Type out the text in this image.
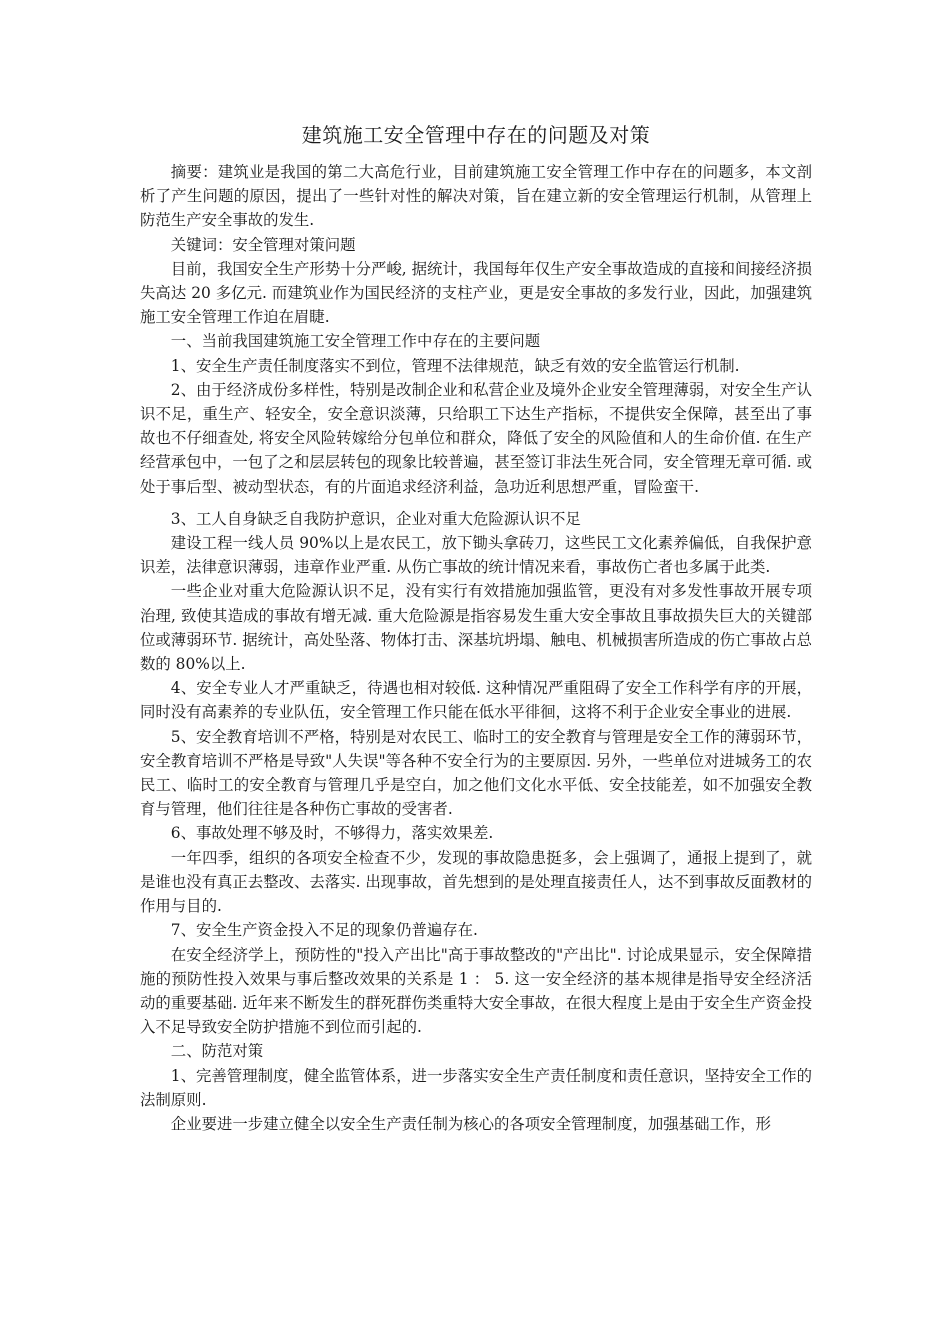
建筑施工安全管理中存在的问题及对策

摘要：建筑业是我国的第二大高危行业，目前建筑施工安全管理工作中存在的问题多，本文剖析了产生问题的原因，提出了一些针对性的解决对策，旨在建立新的安全管理运行机制，从管理上防范生产安全事故的发生.

关键词：安全管理对策问题

目前，我国安全生产形势十分严峻, 据统计，我国每年仅生产安全事故造成的直接和间接经济损失高达 20 多亿元. 而建筑业作为国民经济的支柱产业，更是安全事故的多发行业，因此，加强建筑施工安全管理工作迫在眉睫.

一、当前我国建筑施工安全管理工作中存在的主要问题

1、安全生产责任制度落实不到位，管理不法律规范，缺乏有效的安全监管运行机制.

2、由于经济成份多样性，特别是改制企业和私营企业及境外企业安全管理薄弱，对安全生产认识不足，重生产、轻安全，安全意识淡薄，只给职工下达生产指标，不提供安全保障，甚至出了事故也不仔细查处, 将安全风险转嫁给分包单位和群众，降低了安全的风险值和人的生命价值. 在生产经营承包中，一包了之和层层转包的现象比较普遍，甚至签订非法生死合同，安全管理无章可循. 或处于事后型、被动型状态，有的片面追求经济利益，急功近利思想严重，冒险蛮干.

3、工人自身缺乏自我防护意识，企业对重大危险源认识不足

建设工程一线人员 90%以上是农民工，放下锄头拿砖刀，这些民工文化素养偏低，自我保护意识差，法律意识薄弱，违章作业严重. 从伤亡事故的统计情况来看，事故伤亡者也多属于此类.

一些企业对重大危险源认识不足，没有实行有效措施加强监管，更没有对多发性事故开展专项治理, 致使其造成的事故有增无减. 重大危险源是指容易发生重大安全事故且事故损失巨大的关键部位或薄弱环节. 据统计，高处坠落、物体打击、深基坑坍塌、触电、机械损害所造成的伤亡事故占总数的 80%以上.

4、安全专业人才严重缺乏，待遇也相对较低. 这种情况严重阻碍了安全工作科学有序的开展，同时没有高素养的专业队伍，安全管理工作只能在低水平徘徊，这将不利于企业安全事业的进展.

5、安全教育培训不严格，特别是对农民工、临时工的安全教育与管理是安全工作的薄弱环节，安全教育培训不严格是导致"人失误"等各种不安全行为的主要原因. 另外，一些单位对进城务工的农民工、临时工的安全教育与管理几乎是空白，加之他们文化水平低、安全技能差，如不加强安全教育与管理，他们往往是各种伤亡事故的受害者.

6、事故处理不够及时，不够得力，落实效果差.

一年四季，组织的各项安全检查不少，发现的事故隐患挺多，会上强调了，通报上提到了，就是谁也没有真正去整改、去落实. 出现事故，首先想到的是处理直接责任人，达不到事故反面教材的作用与目的.

7、安全生产资金投入不足的现象仍普遍存在.

在安全经济学上，预防性的"投入产出比"高于事故整改的"产出比". 讨论成果显示，安全保障措施的预防性投入效果与事后整改效果的关系是 1 ： 5. 这一安全经济的基本规律是指导安全经济活动的重要基础. 近年来不断发生的群死群伤类重特大安全事故，在很大程度上是由于安全生产资金投入不足导致安全防护措施不到位而引起的.

二、防范对策

1、完善管理制度，健全监管体系，进一步落实安全生产责任制度和责任意识，坚持安全工作的法制原则.

企业要进一步建立健全以安全生产责任制为核心的各项安全管理制度，加强基础工作，形
